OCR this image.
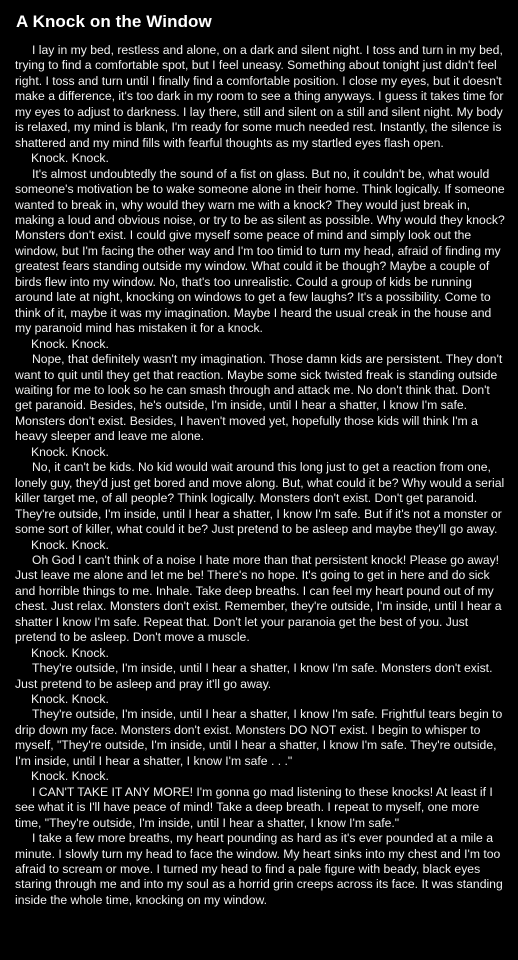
A Knock on the Window

I lay in my bed, restless and alone, on a dark and silent night. I toss and turn in my bed, trying to find a comfortable spot, but I feel uneasy. Something about tonight just didn't feel right. I toss and turn until I finally find a comfortable position. I close my eyes, but it doesn't make a difference, it's too dark in my room to see a thing anyways. I guess it takes time for my eyes to adjust to darkness. I lay there, still and silent on a still and silent night. My body is relaxed, my mind is blank, I'm ready for some much needed rest. Instantly, the silence is shattered and my mind fills with fearful thoughts as my startled eyes flash open.

Knock. Knock.

It's almost undoubtedly the sound of a fist on glass. But no, it couldn't be, what would someone's motivation be to wake someone alone in their home. Think logically. If someone wanted to break in, why would they warn me with a knock? They would just break in, making a loud and obvious noise, or try to be as silent as possible. Why would they knock? Monsters don't exist. I could give myself some peace of mind and simply look out the window, but I'm facing the other way and I'm too timid to turn my head, afraid of finding my greatest fears standing outside my window. What could it be though? Maybe a couple of birds flew into my window. No, that's too unrealistic. Could a group of kids be running around late at night, knocking on windows to get a few laughs? It's a possibility. Come to think of it, maybe it was my imagination. Maybe I heard the usual creak in the house and my paranoid mind has mistaken it for a knock.

Knock. Knock.

Nope, that definitely wasn't my imagination. Those damn kids are persistent. They don't want to quit until they get that reaction. Maybe some sick twisted freak is standing outside waiting for me to look so he can smash through and attack me. No don't think that. Don't get paranoid. Besides, he's outside, I'm inside, until I hear a shatter, I know I'm safe. Monsters don't exist. Besides, I haven't moved yet, hopefully those kids will think I'm a heavy sleeper and leave me alone.

Knock. Knock.

No, it can't be kids. No kid would wait around this long just to get a reaction from one, lonely guy, they'd just get bored and move along. But, what could it be? Why would a serial killer target me, of all people? Think logically. Monsters don't exist. Don't get paranoid. They're outside, I'm inside, until I hear a shatter, I know I'm safe. But if it's not a monster or some sort of killer, what could it be? Just pretend to be asleep and maybe they'll go away.

Knock. Knock.

Oh God I can't think of a noise I hate more than that persistent knock! Please go away! Just leave me alone and let me be! There's no hope. It's going to get in here and do sick and horrible things to me. Inhale. Take deep breaths. I can feel my heart pound out of my chest. Just relax. Monsters don't exist. Remember, they're outside, I'm inside, until I hear a shatter I know I'm safe. Repeat that. Don't let your paranoia get the best of you. Just pretend to be asleep. Don't move a muscle.

Knock. Knock.

They're outside, I'm inside, until I hear a shatter, I know I'm safe. Monsters don't exist. Just pretend to be asleep and pray it'll go away.

Knock. Knock.

They're outside, I'm inside, until I hear a shatter, I know I'm safe. Frightful tears begin to drip down my face. Monsters don't exist. Monsters DO NOT exist. I begin to whisper to myself, "They're outside, I'm inside, until I hear a shatter, I know I'm safe. They're outside, I'm inside, until I hear a shatter, I know I'm safe . . ."

Knock. Knock.

I CAN'T TAKE IT ANY MORE! I'm gonna go mad listening to these knocks! At least if I see what it is I'll have peace of mind! Take a deep breath. I repeat to myself, one more time, "They're outside, I'm inside, until I hear a shatter, I know I'm safe."

I take a few more breaths, my heart pounding as hard as it's ever pounded at a mile a minute. I slowly turn my head to face the window. My heart sinks into my chest and I'm too afraid to scream or move. I turned my head to find a pale figure with beady, black eyes staring through me and into my soul as a horrid grin creeps across its face. It was standing inside the whole time, knocking on my window.
